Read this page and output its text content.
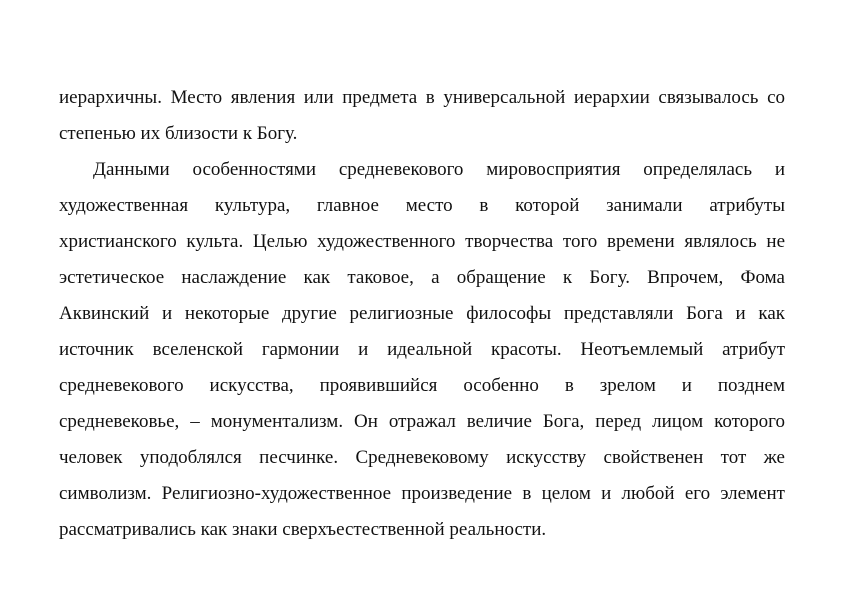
иерархичны. Место явления или предмета в универсальной иерархии связывалось со
степенью их близости к Богу.
Данными особенностями средневекового мировосприятия определялась и
художественная культура, главное место в которой занимали атрибуты
христианского культа. Целью художественного творчества того времени являлось не
эстетическое наслаждение как таковое, а обращение к Богу. Впрочем, Фома
Аквинский и некоторые другие религиозные философы представляли Бога и как
источник вселенской гармонии и идеальной красоты. Неотъемлемый атрибут
средневекового искусства, проявившийся особенно в зрелом и позднем
средневековье, – монументализм. Он отражал величие Бога, перед лицом которого
человек уподоблялся песчинке. Средневековому искусству свойственен тот же
символизм. Религиозно-художественное произведение в целом и любой его элемент
рассматривались как знаки сверхъестественной реальности.
